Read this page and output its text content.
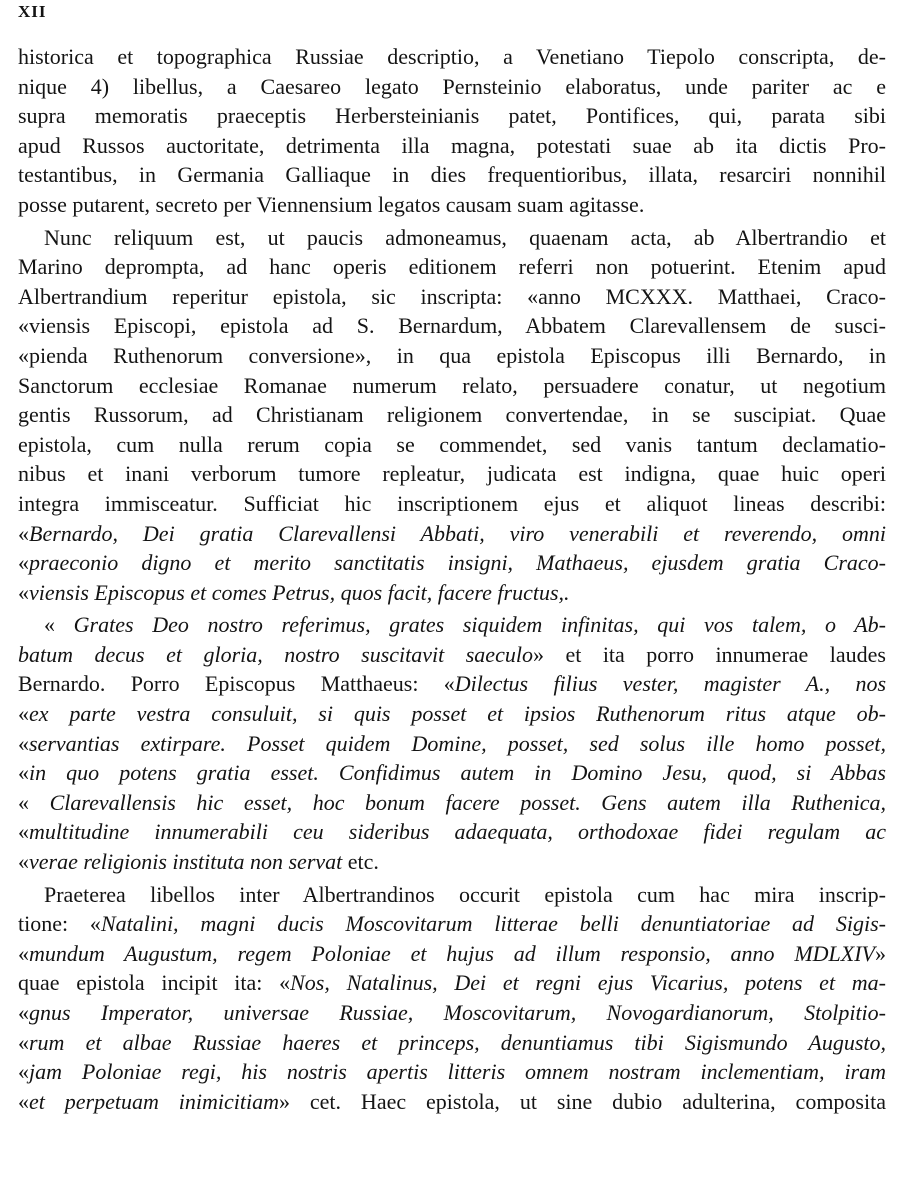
XII
historica et topographica Russiae descriptio, a Venetiano Tiepolo conscripta, de-
nique 4) libellus, a Caesareo legato Pernsteinio elaboratus, unde pariter ac e
supra memoratis praeceptis Herbersteinianis patet, Pontifices, qui, parata sibi
apud Russos auctoritate, detrimenta illa magna, potestati suae ab ita dictis Pro-
testantibus, in Germania Galliaque in dies frequentioribus, illata, resarciri nonnihil
posse putarent, secreto per Viennensium legatos causam suam agitasse.
Nunc reliquum est, ut paucis admoneamus, quaenam acta, ab Albertrandio et
Marino deprompta, ad hanc operis editionem referri non potuerint. Etenim apud
Albertrandium reperitur epistola, sic inscripta: «anno MCXXX. Matthaei, Craco-
«viensis Episcopi, epistola ad S. Bernardum, Abbatem Clarevallensem de susci-
«pienda Ruthenorum conversione», in qua epistola Episcopus illi Bernardo, in
Sanctorum ecclesiae Romanae numerum relato, persuadere conatur, ut negotium
gentis Russorum, ad Christianam religionem convertendae, in se suscipiat. Quae
epistola, cum nulla rerum copia se commendet, sed vanis tantum declamatio-
nibus et inani verborum tumore repleatur, judicata est indigna, quae huic operi
integra immisceatur. Sufficiat hic inscriptionem ejus et aliquot lineas describi:
«Bernardo, Dei gratia Clarevallensi Abbati, viro venerabili et reverendo, omni
«praeconio digno et merito sanctitatis insigni, Mathaeus, ejusdem gratia Craco-
«viensis Episcopus et comes Petrus, quos facit, facere fructus,.
« Grates Deo nostro referimus, grates siquidem infinitas, qui vos talem, o Ab-
batum decus et gloria, nostro suscitavit saeculo» et ita porro innumerae laudes
Bernardo. Porro Episcopus Matthaeus: «Dilectus filius vester, magister A., nos
«ex parte vestra consuluit, si quis posset et ipsios Ruthenorum ritus atque ob-
«servantias extirpare. Posset quidem Domine, posset, sed solus ille homo posset,
«in quo potens gratia esset. Confidimus autem in Domino Jesu, quod, si Abbas
« Clarevallensis hic esset, hoc bonum facere posset. Gens autem illa Ruthenica,
«multitudine innumerabili ceu sideribus adaequata, orthodoxae fidei regulam ac
«verae religionis instituta non servat etc.
Praeterea libellos inter Albertrandinos occurit epistola cum hac mira inscrip-
tione: «Natalini, magni ducis Moscovitarum litterae belli denuntiatoriae ad Sigis-
«mundum Augustum, regem Poloniae et hujus ad illum responsio, anno MDLXIV»
quae epistola incipit ita: «Nos, Natalinus, Dei et regni ejus Vicarius, potens et ma-
«gnus Imperator, universae Russiae, Moscovitarum, Novogardianorum, Stolpitio-
«rum et albae Russiae haeres et princeps, denuntiamus tibi Sigismundo Augusto,
«jam Poloniae regi, his nostris apertis litteris omnem nostram inclementiam, iram
«et perpetuam inimicitiam» cet. Haec epistola, ut sine dubio adulterina, composita
